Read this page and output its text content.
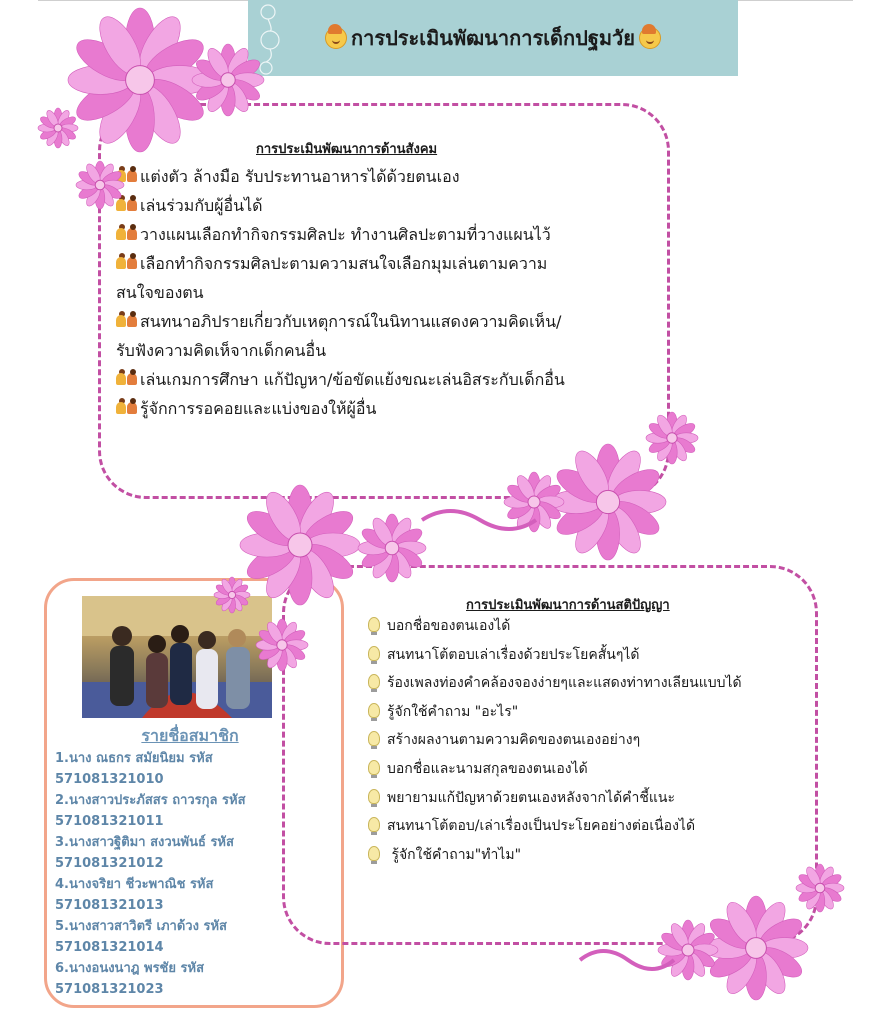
การประเมินพัฒนาการเด็กปฐมวัย
การประเมินพัฒนาการด้านสังคม
แต่งตัว ล้างมือ รับประทานอาหารได้ด้วยตนเอง
เล่นร่วมกับผู้อื่นได้
วางแผนเลือกทำกิจกรรมศิลปะ ทำงานศิลปะตามที่วางแผนไว้
เลือกทำกิจกรรมศิลปะตามความสนใจเลือกมุมเล่นตามความ
สนใจของตน
สนทนาอภิปรายเกี่ยวกับเหตุการณ์ในนิทานแสดงความคิดเห็น/
รับฟังความคิดเห็จากเด็กคนอื่น
เล่นเกมการศึกษา แก้ปัญหา/ข้อขัดแย้งขณะเล่นอิสระกับเด็กอื่น
รู้จักการรอคอยและแบ่งของให้ผู้อื่น
รายชื่อสมาชิก
1.นาง ณธกร สมัยนิยม รหัส
571081321010
2.นางสาวประภัสสร ถาวรกุล รหัส
571081321011
3.นางสาวฐิติมา สงวนพันธ์ รหัส
571081321012
4.นางจริยา ชีวะพาณิช รหัส
571081321013
5.นางสาวสาวิตรี เภาด้วง รหัส
571081321014
6.นางอนงนาฎ พรชัย รหัส
571081321023
การประเมินพัฒนาการด้านสติปัญญา
บอกชื่อของตนเองได้
สนทนาโต้ตอบเล่าเรื่องด้วยประโยคสั้นๆได้
ร้องเพลงท่องคำคล้องจองง่ายๆและแสดงท่าทางเลียนแบบได้
รู้จักใช้คำถาม "อะไร"
สร้างผลงานตามความคิดของตนเองอย่างๆ
บอกชื่อและนามสกุลของตนเองได้
พยายามแก้ปัญหาด้วยตนเองหลังจากได้คำชี้แนะ
สนทนาโต้ตอบ/เล่าเรื่องเป็นประโยคอย่างต่อเนื่องได้
รู้จักใช้คำถาม"ทำไม"
